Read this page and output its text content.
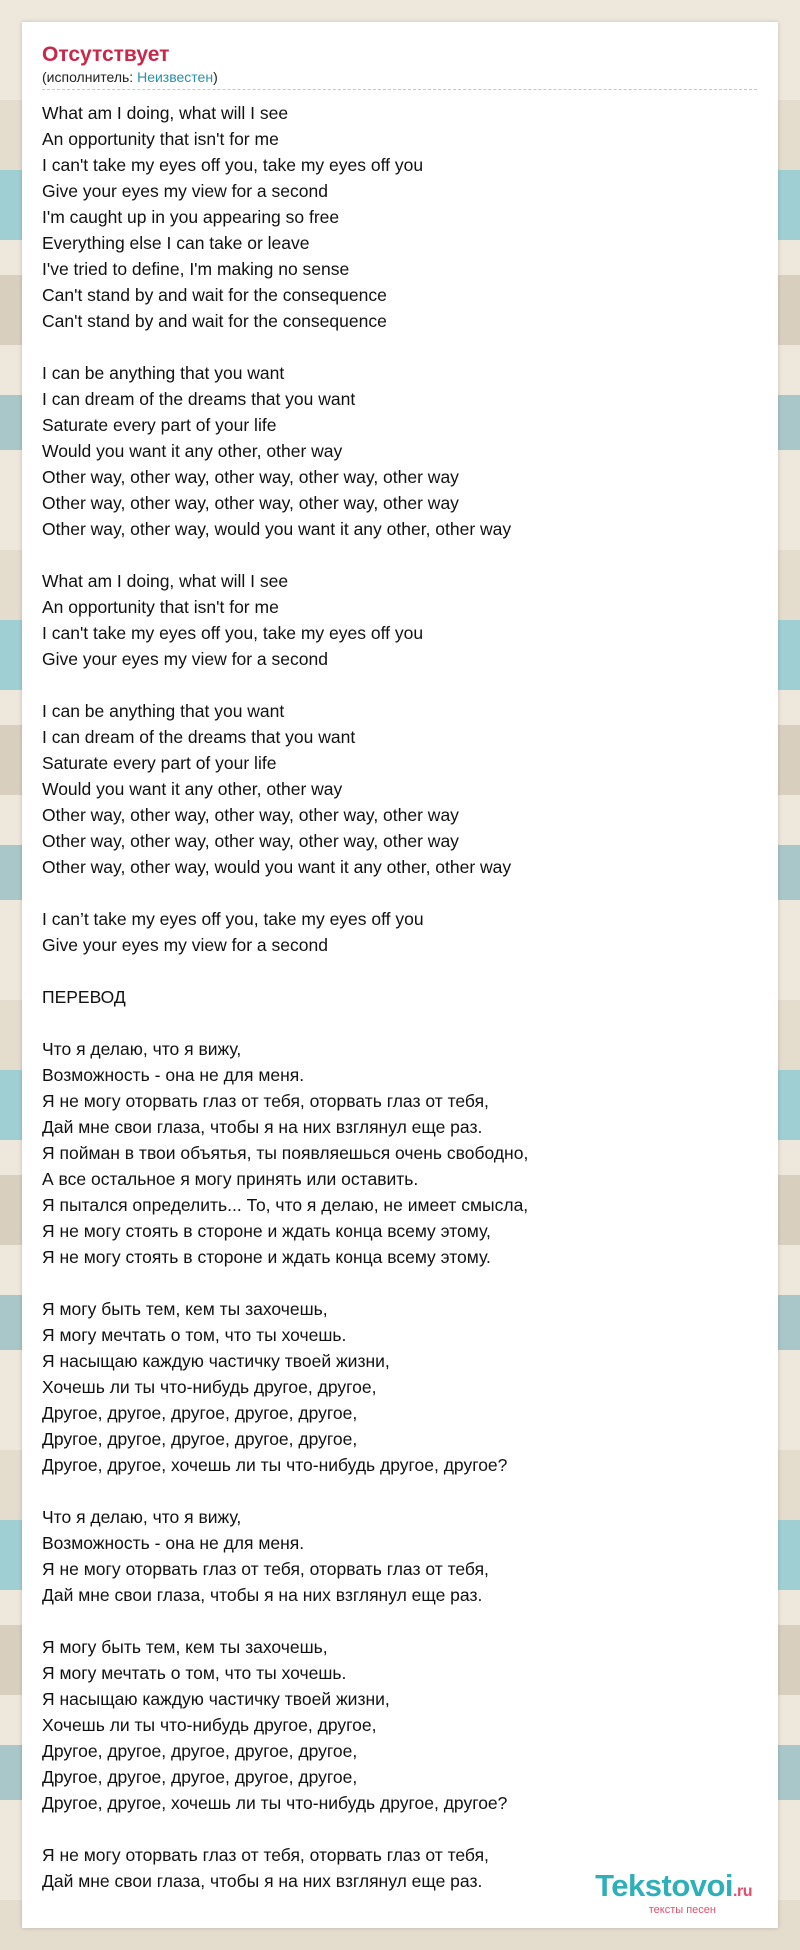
Отсутствует
(исполнитель: Неизвестен)
What am I doing, what will I see
An opportunity that isn't for me
I can't take my eyes off you, take my eyes off you
Give your eyes my view for a second
I'm caught up in you appearing so free
Everything else I can take or leave
I've tried to define, I'm making no sense
Can't stand by and wait for the consequence
Can't stand by and wait for the consequence

I can be anything that you want
I can dream of the dreams that you want
Saturate every part of your life
Would you want it any other, other way
Other way, other way, other way, other way, other way
Other way, other way, other way, other way, other way
Other way, other way, would you want it any other, other way

What am I doing, what will I see
An opportunity that isn't for me
I can't take my eyes off you, take my eyes off you
Give your eyes my view for a second

I can be anything that you want
I can dream of the dreams that you want
Saturate every part of your life
Would you want it any other, other way
Other way, other way, other way, other way, other way
Other way, other way, other way, other way, other way
Other way, other way, would you want it any other, other way

I can’t take my eyes off you, take my eyes off you
Give your eyes my view for a second

ПЕРЕВОД

Что я делаю, что я вижу,
Возможность - она не для меня.
Я не могу оторвать глаз от тебя, оторвать глаз от тебя,
Дай мне свои глаза, чтобы я на них взглянул еще раз.
Я пойман в твои объятья, ты появляешься очень свободно,
А все остальное я могу принять или оставить.
Я пытался определить... То, что я делаю, не имеет смысла,
Я не могу стоять в стороне и ждать конца всему этому,
Я не могу стоять в стороне и ждать конца всему этому.

Я могу быть тем, кем ты захочешь,
Я могу мечтать о том, что ты хочешь.
Я насыщаю каждую частичку твоей жизни,
Хочешь ли ты что-нибудь другое, другое,
Другое, другое, другое, другое, другое,
Другое, другое, другое, другое, другое,
Другое, другое, хочешь ли ты что-нибудь другое, другое?

Что я делаю, что я вижу,
Возможность - она не для меня.
Я не могу оторвать глаз от тебя, оторвать глаз от тебя,
Дай мне свои глаза, чтобы я на них взглянул еще раз.

Я могу быть тем, кем ты захочешь,
Я могу мечтать о том, что ты хочешь.
Я насыщаю каждую частичку твоей жизни,
Хочешь ли ты что-нибудь другое, другое,
Другое, другое, другое, другое, другое,
Другое, другое, другое, другое, другое,
Другое, другое, хочешь ли ты что-нибудь другое, другое?

Я не могу оторвать глаз от тебя, оторвать глаз от тебя,
Дай мне свои глаза, чтобы я на них взглянул еще раз.	Tekstovoi.ru
тексты песен
